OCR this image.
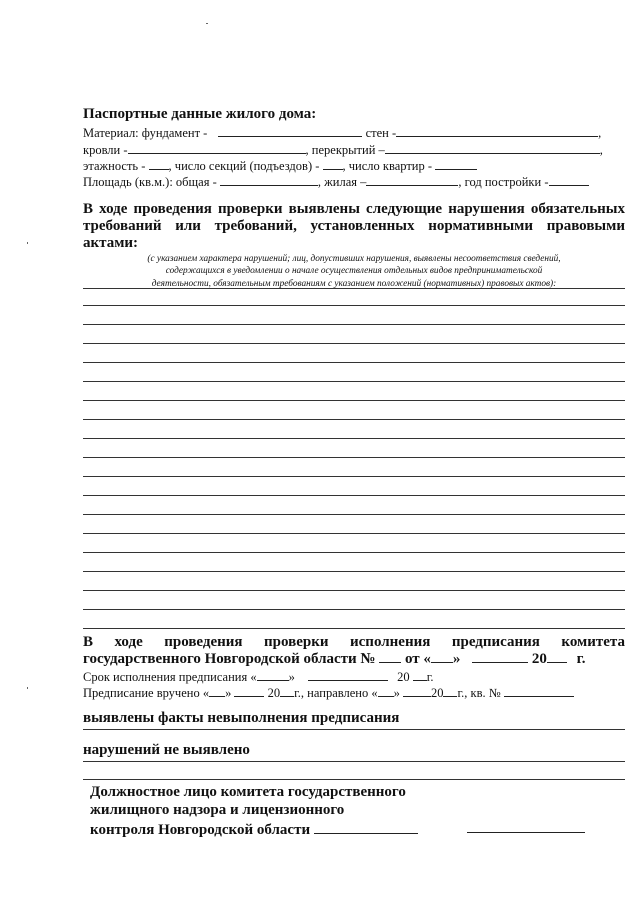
Паспортные данные жилого дома:
Материал: фундамент -	стен -	,
кровли -	, перекрытий –	,
этажность - , число секций (подъездов) - , число квартир -
Площадь (кв.м.): общая -	, жилая –	, год постройки -
В ходе проведения проверки выявлены следующие нарушения обязательных
требований или требований, установленных нормативными правовыми
актами:
(с указанием характера нарушений; лиц, допустивших нарушения, выявлены несоответствия сведений,
содержащихся в уведомлении о начале осуществления отдельных видов предпринимательской
деятельности, обязательным требованиям с указанием положений (нормативных) правовых актов):
В ходе проведения проверки исполнения предписания комитета
государственного Новгородской области № от « »	20 г.
Срок исполнения предписания «	»	20 г.
Предписание вручено « »	20 г., направлено « » 20 г., кв. №
выявлены факты невыполнения предписания
нарушений не выявлено
Должностное лицо комитета государственного
жилищного надзора и лицензионного
контроля Новгородской области
